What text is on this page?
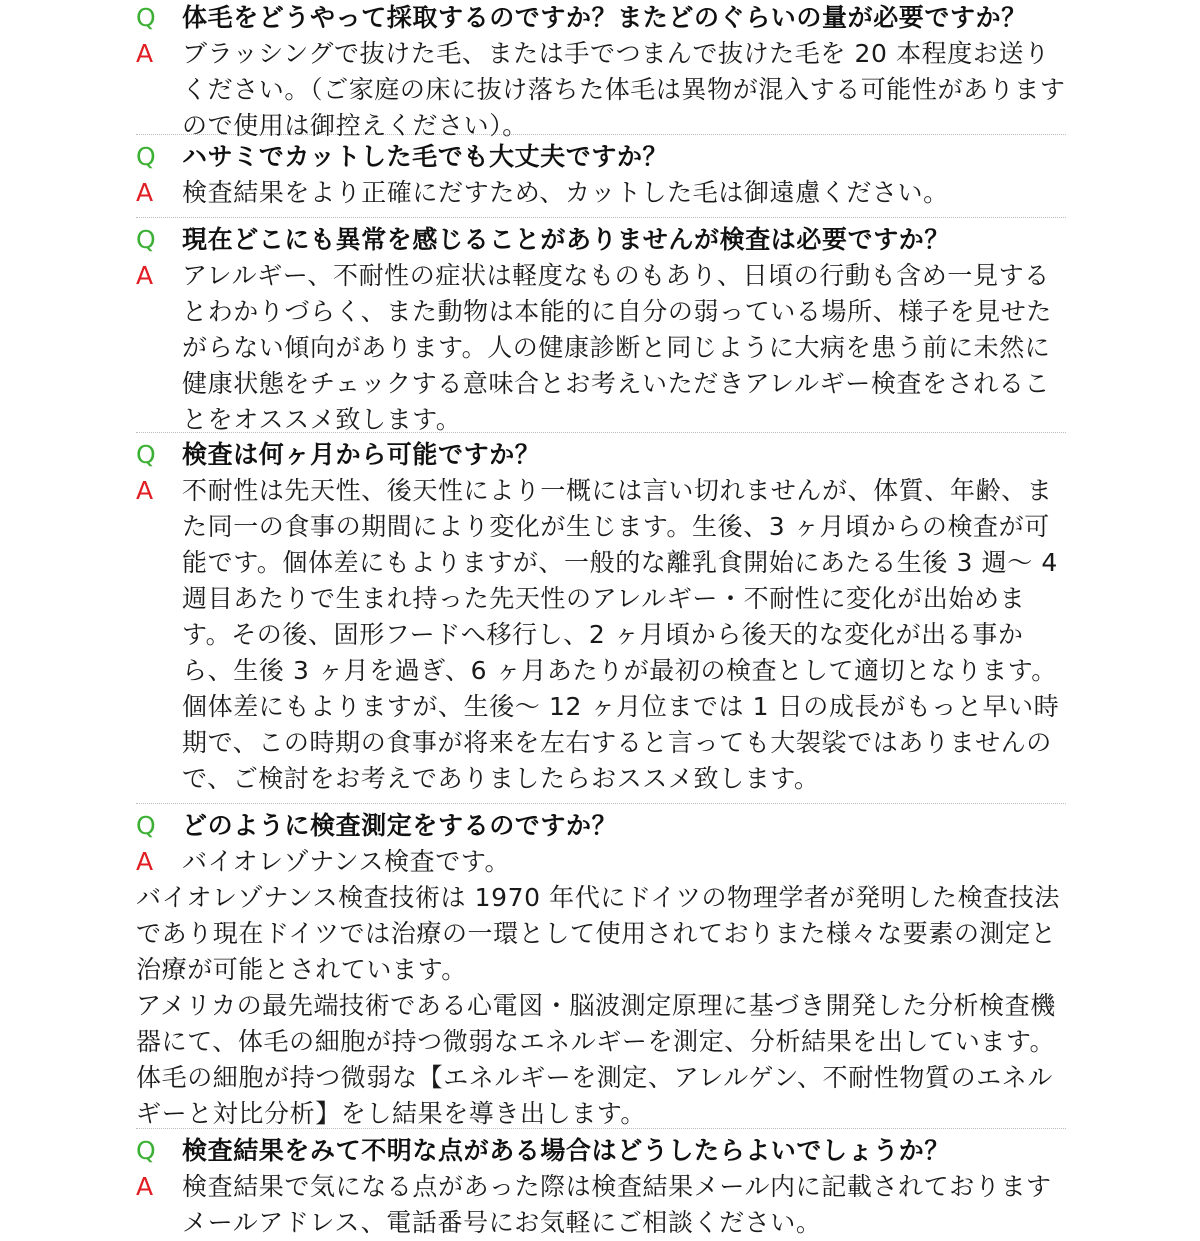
Q 体毛をどうやって採取するのですか？またどのぐらいの量が必要ですか？
A ブラッシングで抜けた毛、または手でつまんで抜けた毛を 20 本程度お送りください。（ご家庭の床に抜け落ちた体毛は異物が混入する可能性がありますので使用は御控えください）。
Q ハサミでカットした毛でも大丈夫ですか？
A 検査結果をより正確にだすため、カットした毛は御遠慮ください。
Q 現在どこにも異常を感じることがありませんが検査は必要ですか？
A アレルギー、不耐性の症状は軽度なものもあり、日頃の行動も含め一見するとわかりづらく、また動物は本能的に自分の弱っている場所、様子を見せたがらない傾向があります。人の健康診断と同じように大病を患う前に未然に健康状態をチェックする意味合とお考えいただきアレルギー検査をされることをオススメ致します。
Q 検査は何ヶ月から可能ですか？
A 不耐性は先天性、後天性により一概には言い切れませんが、体質、年齢、また同一の食事の期間により変化が生じます。生後、3 ヶ月頃からの検査が可能です。個体差にもよりますが、一般的な離乳食開始にあたる生後 3 週〜 4 週目あたりで生まれ持った先天性のアレルギー・不耐性に変化が出始めます。その後、固形フードへ移行し、2 ヶ月頃から後天的な変化が出る事から、生後 3 ヶ月を過ぎ、6 ヶ月あたりが最初の検査として適切となります。個体差にもよりますが、生後〜 12 ヶ月位までは 1 日の成長がもっと早い時期で、この時期の食事が将来を左右すると言っても大袈裟ではありませんので、ご検討をお考えでありましたらおススメ致します。
Q どのように検査測定をするのですか？
A バイオレゾナンス検査です。
バイオレゾナンス検査技術は 1970 年代にドイツの物理学者が発明した検査技法であり現在ドイツでは治療の一環として使用されておりまた様々な要素の測定と治療が可能とされています。
アメリカの最先端技術である心電図・脳波測定原理に基づき開発した分析検査機器にて、体毛の細胞が持つ微弱なエネルギーを測定、分析結果を出しています。体毛の細胞が持つ微弱な【エネルギーを測定、アレルゲン、不耐性物質のエネルギーと対比分析】をし結果を導き出します。
Q 検査結果をみて不明な点がある場合はどうしたらよいでしょうか？
A 検査結果で気になる点があった際は検査結果メール内に記載されておりますメールアドレス、電話番号にお気軽にご相談ください。
